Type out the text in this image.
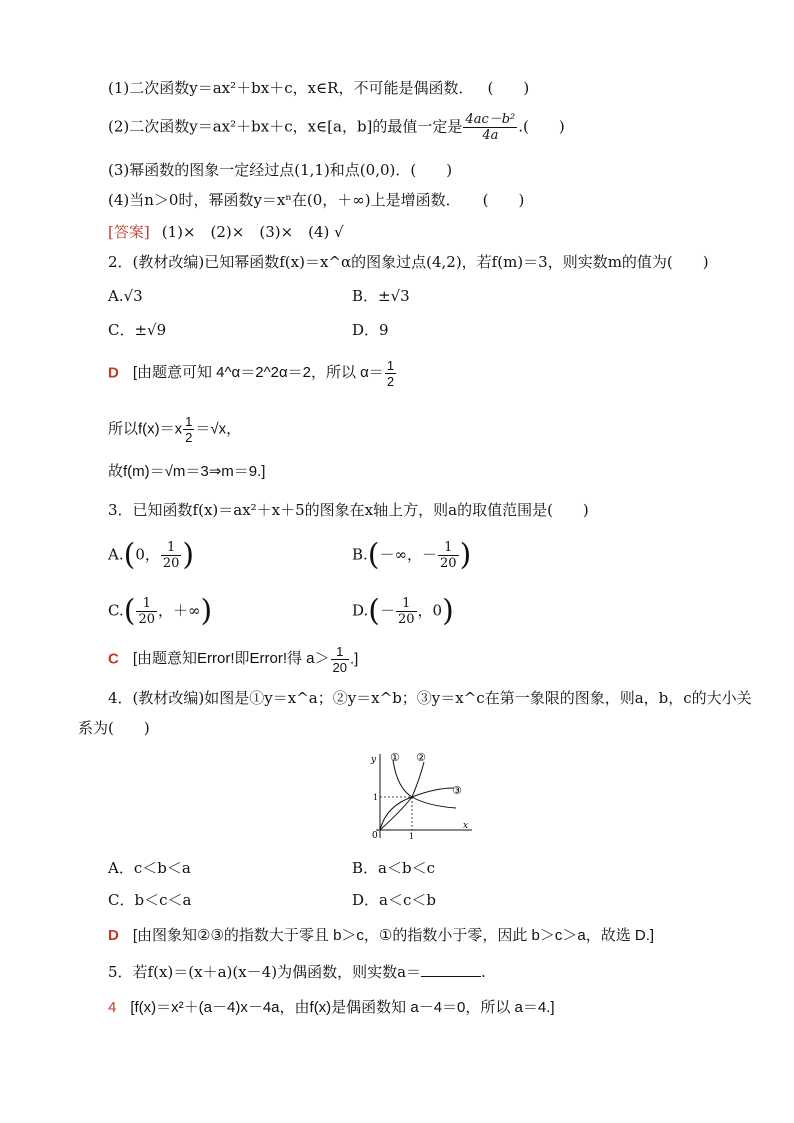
(1)二次函数y＝ax²＋bx＋c，x∈R，不可能是偶函数． (　　)
(2)二次函数y＝ax²＋bx＋c，x∈[a，b]的最值一定是 $\frac{\text{4ac－b²}}{4a}$ .(　　)
(3)幂函数的图象一定经过点(1,1)和点(0,0)．(　　)
(4)当n＞0时，幂函数y＝xⁿ在(0，＋∞)上是增函数． (　　)
[答案] (1)×　(2)×　(3)×　(4) √
2．(教材改编)已知幂函数f(x)＝x^α的图象过点(4,2)，若f(m)＝3，则实数m的值为(　　)
A.√3	B．±√3
C．±√9	D．9
D [由题意可知 4^α＝2^2α＝2，所以 $\alpha= \frac{1}{2}$
所以$f(x)=x \frac{1}{2} =√x$，
故f(m)＝√m＝3⇒m＝9.]
3．已知函数f(x)＝ax²＋x＋5的图象在x轴上方，则a的取值范围是(　　)
A.(0， $\frac{1}{20}$ )	B.(－∞，－ $\frac{1}{20}$ )
$C.( \frac{1}{20}$ ，＋∞)	$D.(- \frac{1}{20}$ ，0)
C [由题意知Error!即Error!得 $a> \frac{1}{20}$ .]
4．(教材改编)如图是①y＝x^a；②y＝x^b；③y＝x^c在第一象限的图象，则a，b，c的大小关
系为(　　)
① ②
③
y
x
0	1
1
A．c＜b＜a	B．a＜b＜c
C．b＜c＜a	D．a＜c＜b
D [由图象知②③的指数大于零且 b＞c，①的指数小于零，因此 b＞c＞a，故选 D.]
5．若f(x)＝(x＋a)(x－4)为偶函数，则实数a＝	.
4 [f(x)＝x²＋(a－4)x－4a，由f(x)是偶函数知 a－4＝0，所以 a＝4.]
